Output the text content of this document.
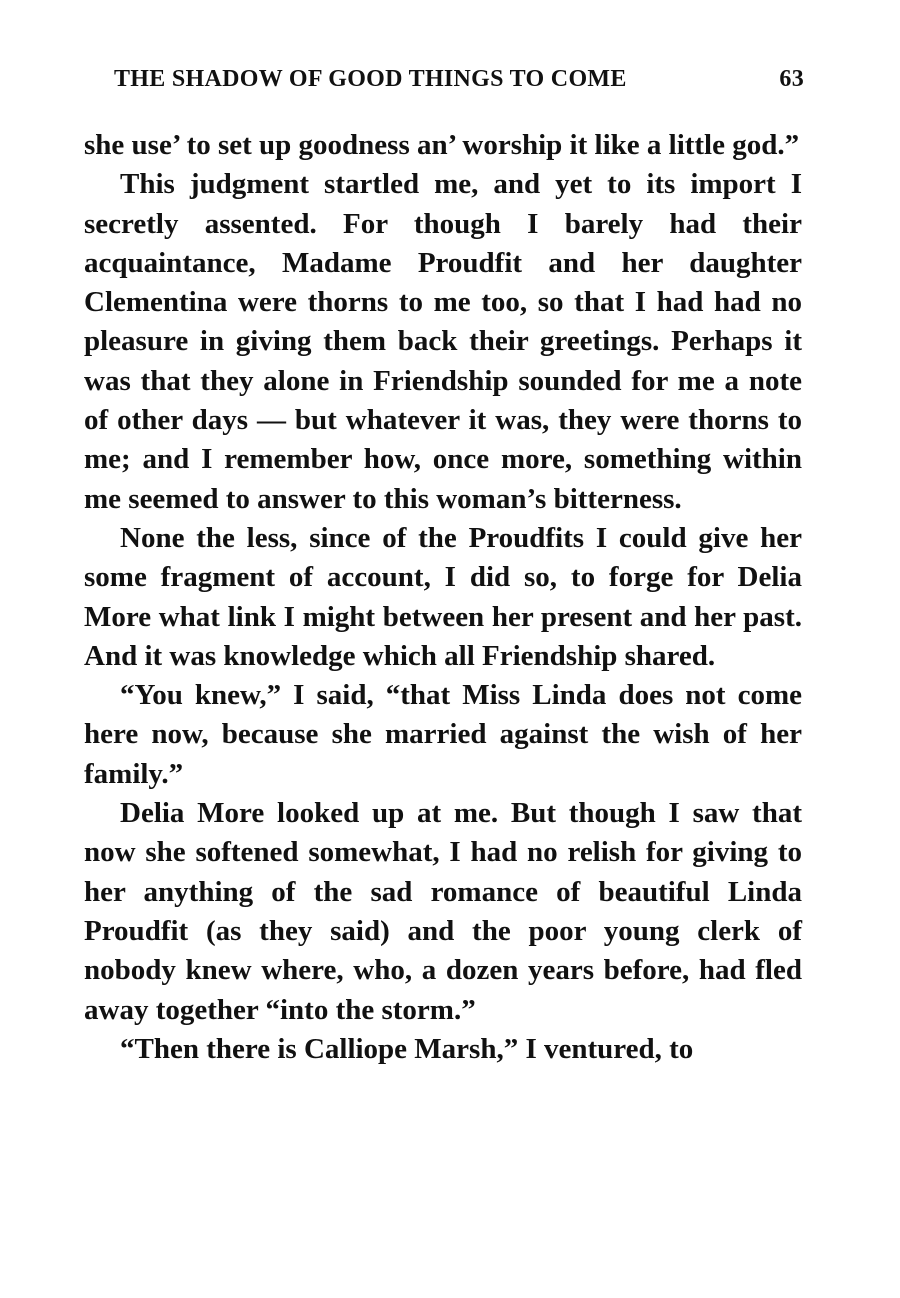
THE SHADOW OF GOOD THINGS TO COME	63

she use’ to set up goodness an’ worship it like a little god.”

This judgment startled me, and yet to its import I secretly assented. For though I barely had their acquaintance, Madame Proudfit and her daughter Clementina were thorns to me too, so that I had had no pleasure in giving them back their greetings. Perhaps it was that they alone in Friendship sounded for me a note of other days — but whatever it was, they were thorns to me; and I remember how, once more, something within me seemed to answer to this woman’s bitterness.

None the less, since of the Proudfits I could give her some fragment of account, I did so, to forge for Delia More what link I might between her present and her past. And it was knowledge which all Friendship shared.

“You knew,” I said, “that Miss Linda does not come here now, because she married against the wish of her family.”

Delia More looked up at me. But though I saw that now she softened somewhat, I had no relish for giving to her anything of the sad romance of beautiful Linda Proudfit (as they said) and the poor young clerk of nobody knew where, who, a dozen years before, had fled away together “into the storm.”

“Then there is Calliope Marsh,” I ventured, to
